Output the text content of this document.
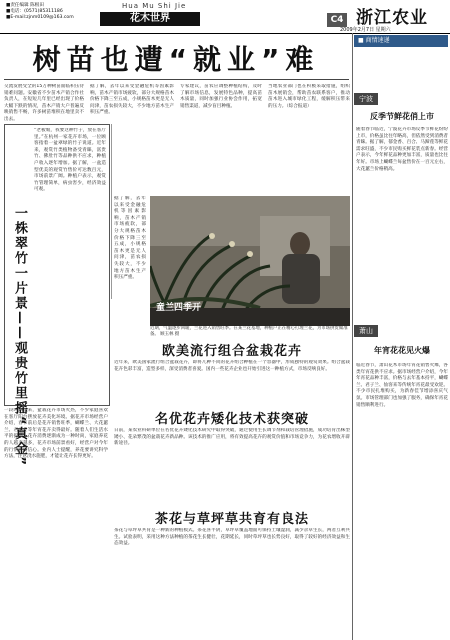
■责任编辑 陈根田
■电话：(0571)85311186
■E-mail:zjnm0109@163.com
Hua Mu Shi Jie
花木世界	C4 浙江农业
2009年2月7日 星期六
树苗也遭“就业”难
交流发展受全的15万种树苗面临积压待销难问题。安徽省不少苗木产销合作社负责人，在短短几年里已经出现了价格大幅下跌的情况，苗木产销大户普遍反映销售不畅，许多树苗堆积在地里卖不出去。
据了解，去年以来受金融危机等因素影响，苗木产销市场疲软，部分大规格苗木价格下降三至五成，小规格苗木更是无人问津，苗农损失较大，不少地方苗木生产积压严重。
专家建议，苗农应调整种植结构，及时了解市场信息，发展特色品种，提高苗木质量，同时加强行业协会作用，拓宽销售渠道，减少盲目种植。
当地农业部门也在积极采取措施，组织苗木展销会，帮助苗农联系客户，推动苗木进入城市绿化工程，缓解积压带来的压力。（综合报道）
一株翠竹一片景——观贵竹里摇“真金”
“老板娘，我要这种竹子，放在客厅里。”在杭州一家花卉市场，一位顾客指着一盆翠绿的竹子说道。近年来，观赏竹类植物备受青睐，富贵竹、佛肚竹等品种供不应求，种植户收入逐年增加。据了解，一盆造型优美的观赏竹售价可达数百元，市场前景广阔。种植户表示，观赏竹管理简单，病虫害少，经济效益可观。
童兰四季开
近期，气温逐步回暖，兰花进入销售旺季。在某兰花基地，种植户正在精心打理兰花，为市场供货做准备。 顾玉林 摄
一段时期以来，盆栽花卉市场火热，不少家庭喜欢在客厅阳台摆放花卉美化环境。据花卉市场经营户介绍，春节前后是花卉销售旺季，蝴蝶兰、大花蕙兰、君子兰等年宵花卉卖得最好。随着人们生活水平的提高，花卉消费逐渐成为一种时尚，家庭养花的人越来越多，花卉市场前景看好，经营户对今年的行情充满信心。业内人士提醒，养花要讲究科学方法，注意浇水施肥，才能让花卉长得更好。
据了解，去年以来受金融危机等因素影响，苗木产销市场疲软，部分大规格苗木价格下降三至五成，小规格苗木更是无人问津，苗农损失较大，不少地方苗木生产积压严重。
欧美流行组合盆栽花卉
近年来，欧美国家流行组合盆栽花卉，即将几种不同的花卉组合种植在一个容器中，形成独特的观赏效果。组合盆栽花卉色彩丰富，造型多样，深受消费者喜爱。国内一些花卉企业也开始引进这一种植方式，市场反响良好。
名优花卉矮化技术获突破
日前，某农业科研单位在名优花卉矮化技术研究中取得突破，通过使用生长调节剂和栽培管理措施，成功培育出株型矮小、花朵繁茂的盆栽花卉新品种。该技术的推广应用，将有效提高花卉的观赏价值和市场竞争力，为花农增收开辟新途径。
茶花与草坪草共育有良法
茶花与草坪草共育是一种新的种植模式。茶花喜半阴，草坪草覆盖地面可保持土壤湿润，减少杂草生长，两者互利共生。试验表明，采用这种方法种植的茶花生长健壮，花期延长，同时草坪草也长势良好，取得了较好的经济效益和生态效益。
■ 商情速递
宁波
反季节鲜花俏上市
随着春节临近，宁波花卉市场反季节鲜花纷纷上市，价格虽比往年略高，但依然受到消费者青睐。据了解，郁金香、百合、马蹄莲等鲜花需求旺盛，不少市民购买鲜花装点新春。经营户表示，今年鲜花品种更加丰富，质量也比往年好。市场上蝴蝶兰每盆售价在一百元左右，大花蕙兰价格稍高。
萧山
年宵花花见火爆
临近春节，萧山花木市场年宵花销售火爆，各类年宵花供不应求。据市场经营户介绍，今年年宵花品种丰富，价格与去年基本持平，蝴蝶兰、君子兰、仙客来等传统年宵花最受欢迎。不少市民扎堆购买，为新春佳节增添喜庆气氛。市场管理部门也加强了服务，确保年宵花销售顺利进行。
